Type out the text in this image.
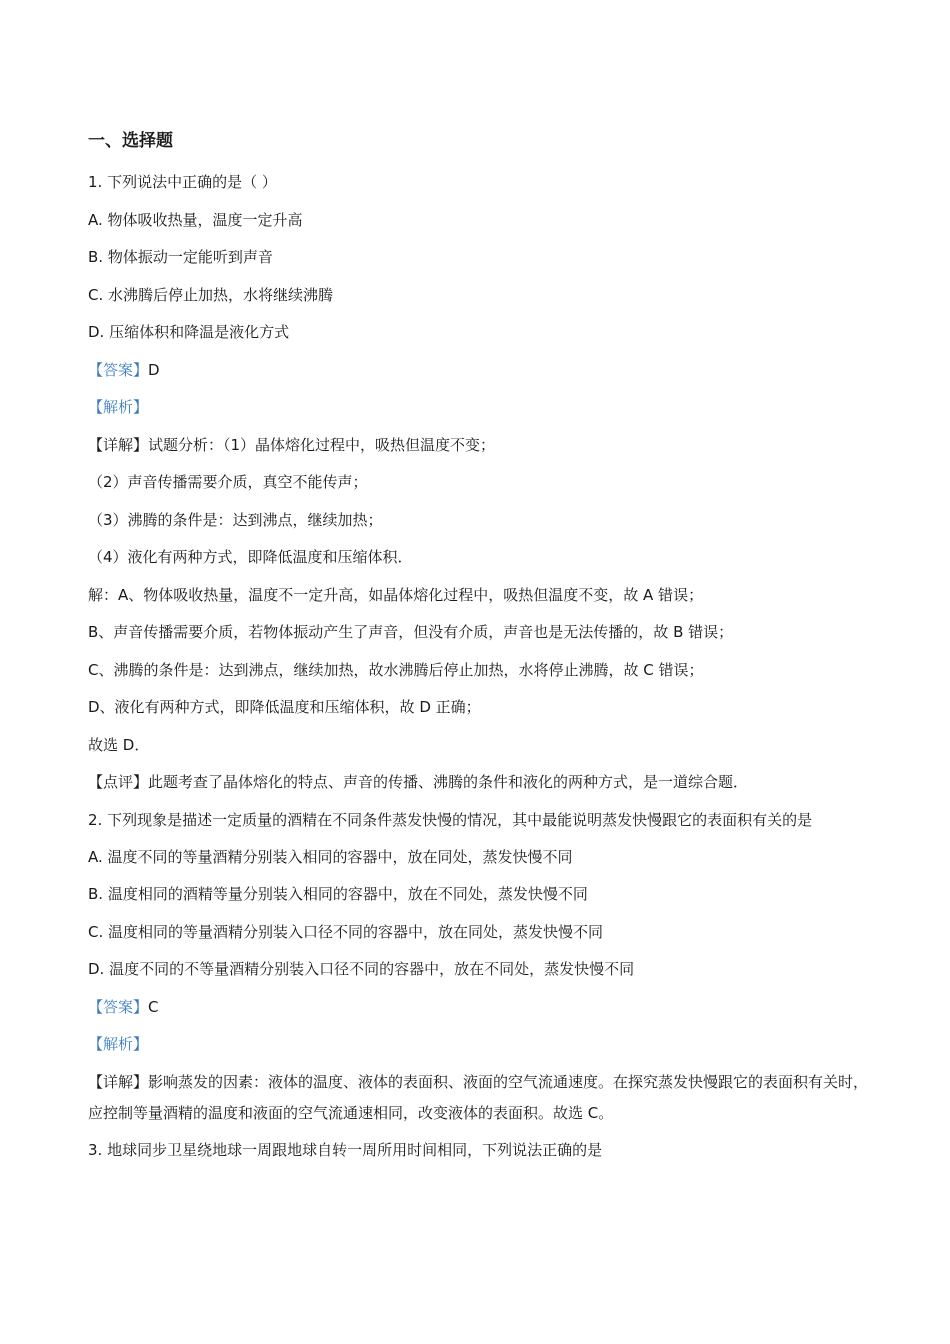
一、选择题
1. 下列说法中正确的是（ ）
A. 物体吸收热量，温度一定升高
B. 物体振动一定能听到声音
C. 水沸腾后停止加热，水将继续沸腾
D. 压缩体积和降温是液化方式
【答案】D
【解析】
【详解】试题分析：（1）晶体熔化过程中，吸热但温度不变；
（2）声音传播需要介质，真空不能传声；
（3）沸腾的条件是：达到沸点，继续加热；
（4）液化有两种方式，即降低温度和压缩体积．
解：A、物体吸收热量，温度不一定升高，如晶体熔化过程中，吸热但温度不变，故 A 错误；
B、声音传播需要介质，若物体振动产生了声音，但没有介质，声音也是无法传播的，故 B 错误；
C、沸腾的条件是：达到沸点，继续加热，故水沸腾后停止加热，水将停止沸腾，故 C 错误；
D、液化有两种方式，即降低温度和压缩体积，故 D 正确；
故选 D．
【点评】此题考查了晶体熔化的特点、声音的传播、沸腾的条件和液化的两种方式，是一道综合题．
2. 下列现象是描述一定质量的酒精在不同条件蒸发快慢的情况，其中最能说明蒸发快慢跟它的表面积有关的是
A. 温度不同的等量酒精分别装入相同的容器中，放在同处，蒸发快慢不同
B. 温度相同的酒精等量分别装入相同的容器中，放在不同处，蒸发快慢不同
C. 温度相同的等量酒精分别装入口径不同的容器中，放在同处，蒸发快慢不同
D. 温度不同的不等量酒精分别装入口径不同的容器中，放在不同处，蒸发快慢不同
【答案】C
【解析】
【详解】影响蒸发的因素：液体的温度、液体的表面积、液面的空气流通速度。在探究蒸发快慢跟它的表面积有关时，应控制等量酒精的温度和液面的空气流通速相同，改变液体的表面积。故选 C。
3. 地球同步卫星绕地球一周跟地球自转一周所用时间相同，下列说法正确的是
